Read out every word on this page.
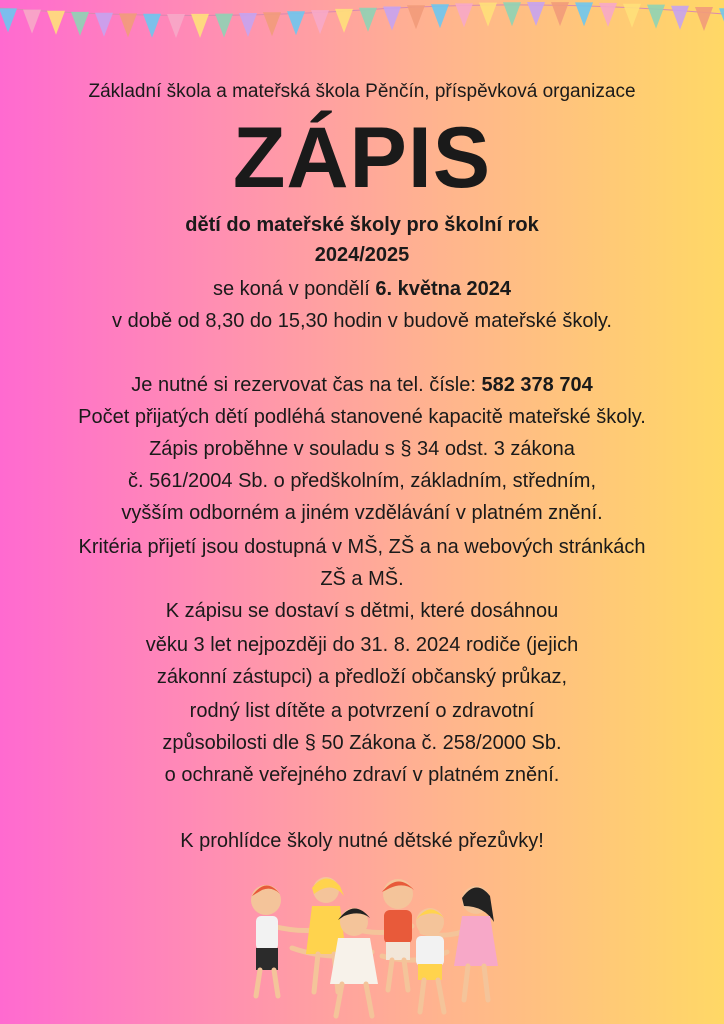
Základní škola a mateřská škola Pěnčín, příspěvková organizace
ZÁPIS
dětí do mateřské školy pro školní rok
2024/2025
se koná v pondělí 6. května 2024
v době od 8,30 do 15,30 hodin v budově mateřské školy.
Je nutné si rezervovat čas na tel. čísle: 582 378 704
Počet přijatých dětí podléhá stanovené kapacitě mateřské školy.
Zápis proběhne v souladu s § 34 odst. 3 zákona
č. 561/2004 Sb. o předškolním, základním, středním,
vyšším odborném a jiném vzdělávání v platném znění.
Kritéria přijetí jsou dostupná v MŠ, ZŠ a na webových stránkách
ZŠ a MŠ.
K zápisu se dostaví s dětmi, které dosáhnou
věku 3 let nejpozději do 31. 8. 2024 rodiče (jejich
zákonní zástupci) a předloží občanský průkaz,
rodný list dítěte a potvrzení o zdravotní
způsobilosti dle § 50 Zákona č. 258/2000 Sb.
o ochraně veřejného zdraví v platném znění.
K prohlídce školy nutné dětské přezůvky!
